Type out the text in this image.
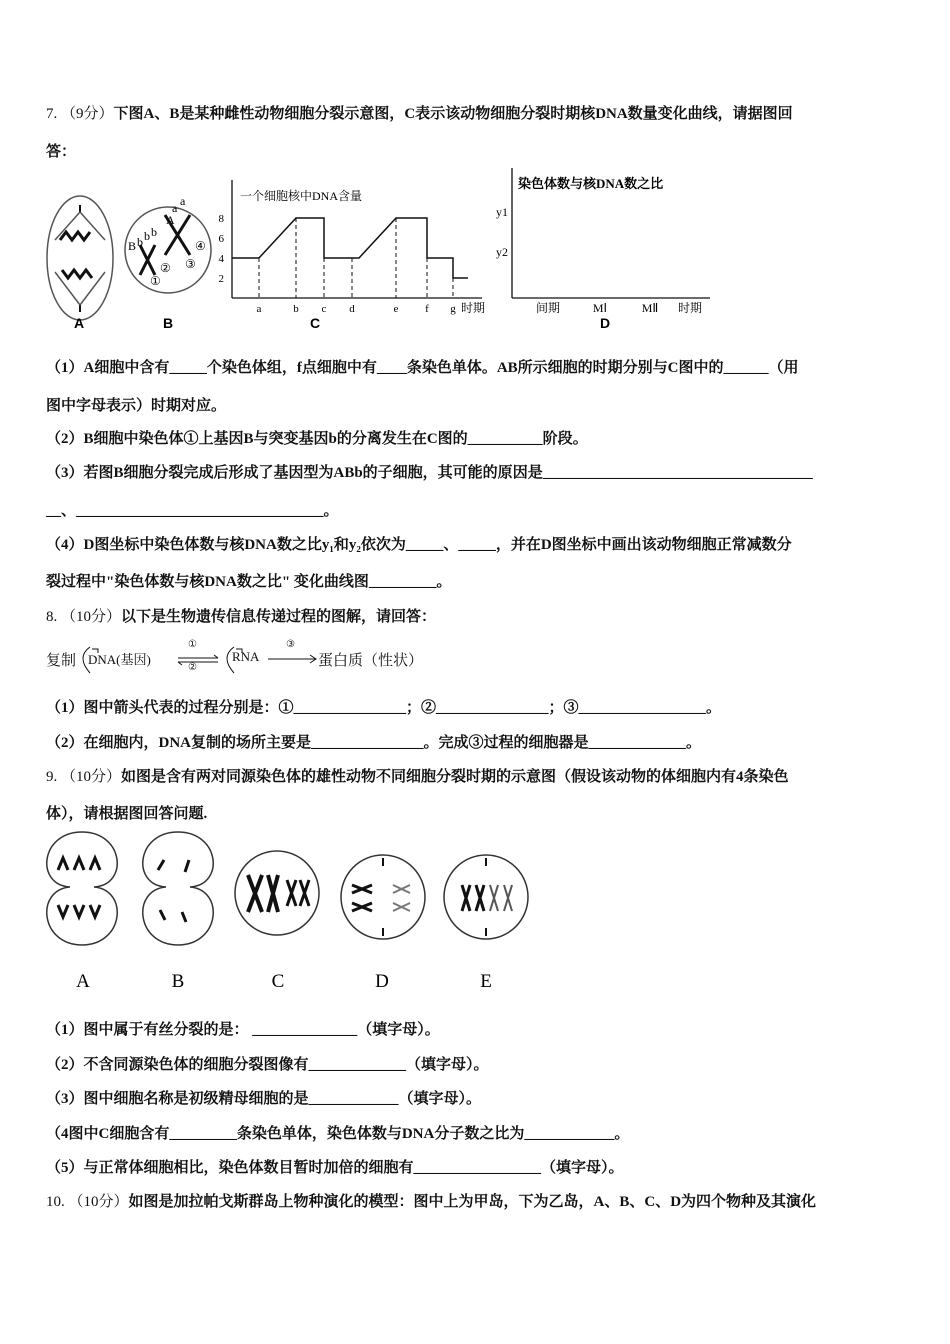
7. （9分）下图A、B是某种雌性动物细胞分裂示意图，C表示该动物细胞分裂时期核DNA数量变化曲线，请据图回
答：
B b b b
A
a a
② ③
④
①
一个细胞核中DNA含量
8
6
4
2
a	b c d	e f g 时期
染色体数与核DNA数之比
y1
y2
间期	MⅠ	MⅡ 时期
A	B	C	D
（1）A细胞中含有_____个染色体组，f点细胞中有____条染色单体。AB所示细胞的时期分别与C图中的______（用
图中字母表示）时期对应。
（2）B细胞中染色体①上基因B与突变基因b的分离发生在C图的__________阶段。
（3）若图B细胞分裂完成后形成了基因型为ABb的子细胞，其可能的原因是____________________________________
__、_________________________________。
（4）D图坐标中染色体数与核DNA数之比y₁和y₂依次为_____、_____，并在D图坐标中画出该动物细胞正常减数分
裂过程中"染色体数与核DNA数之比" 变化曲线图_________。
8. （10分）以下是生物遗传信息传递过程的图解，请回答：
复制 DNA(基因)
①
②
RNA
③
蛋白质（性状）
（1）图中箭头代表的过程分别是：①_______________；②_______________；③_________________。
（2）在细胞内，DNA复制的场所主要是_______________。完成③过程的细胞器是_____________。
9. （10分）如图是含有两对同源染色体的雄性动物不同细胞分裂时期的示意图（假设该动物的体细胞内有4条染色
体），请根据图回答问题.
A	B	C	D	E
（1）图中属于有丝分裂的是： ______________（填字母）。
（2）不含同源染色体的细胞分裂图像有_____________（填字母）。
（3）图中细胞名称是初级精母细胞的是____________（填字母）。
（4图中C细胞含有_________条染色单体，染色体数与DNA分子数之比为____________。
（5）与正常体细胞相比，染色体数目暂时加倍的细胞有_________________（填字母）。
10. （10分）如图是加拉帕戈斯群岛上物种演化的模型：图中上为甲岛，下为乙岛，A、B、C、D为四个物种及其演化
